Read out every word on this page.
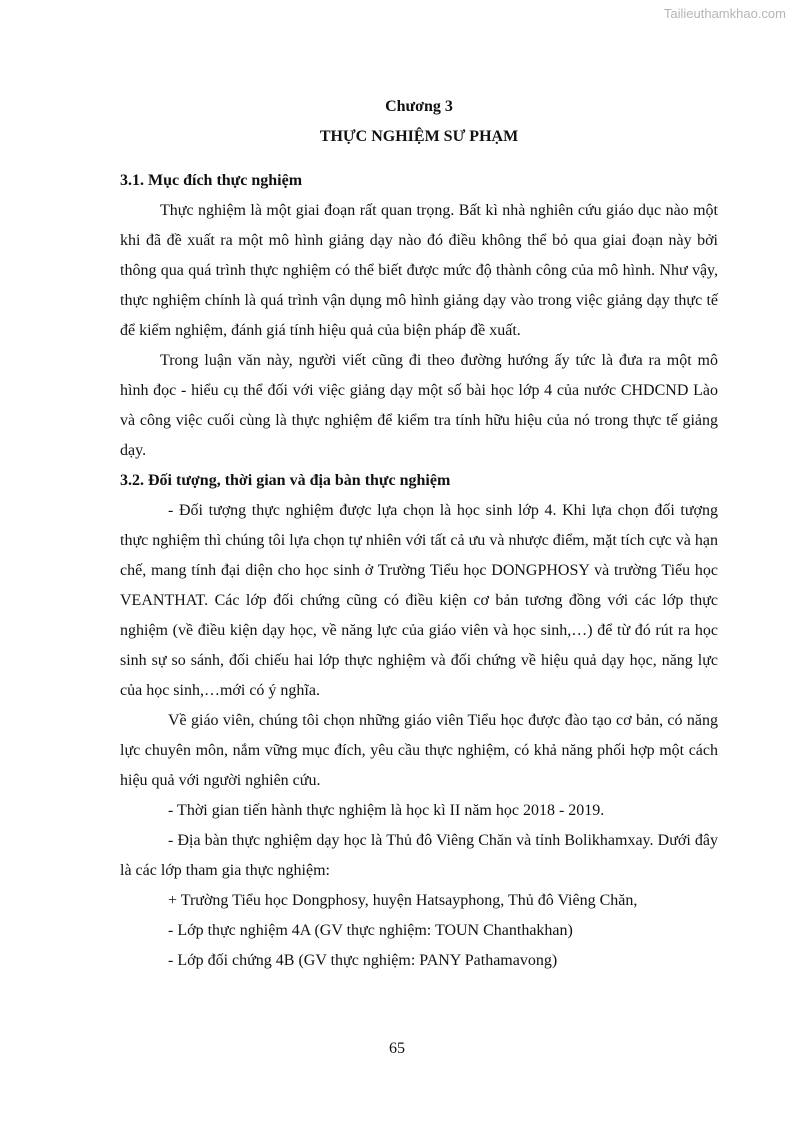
Tailieuthamkhao.com
Chương 3
THỰC NGHIỆM SƯ PHẠM
3.1. Mục đích thực nghiệm

Thực nghiệm là một giai đoạn rất quan trọng. Bất kì nhà nghiên cứu giáo dục nào một khi đã đề xuất ra một mô hình giảng dạy nào đó điều không thể bỏ qua giai đoạn này bởi thông qua quá trình thực nghiệm có thể biết được mức độ thành công của mô hình. Như vậy, thực nghiệm chính là quá trình vận dụng mô hình giảng dạy vào trong việc giảng dạy thực tế để kiểm nghiệm, đánh giá tính hiệu quả của biện pháp đề xuất.

Trong luận văn này, người viết cũng đi theo đường hướng ấy tức là đưa ra một mô hình đọc - hiểu cụ thể đối với việc giảng dạy một số bài học lớp 4 của nước CHDCND Lào và công việc cuối cùng là thực nghiệm để kiểm tra tính hữu hiệu của nó trong thực tế giảng dạy.

3.2. Đối tượng, thời gian và địa bàn thực nghiệm

- Đối tượng thực nghiệm được lựa chọn là học sinh lớp 4. Khi lựa chọn đối tượng thực nghiệm thì chúng tôi lựa chọn tự nhiên với tất cả ưu và nhược điểm, mặt tích cực và hạn chế, mang tính đại diện cho học sinh ở Trường Tiểu học DONGPHOSY và trường Tiểu học VEANTHAT. Các lớp đối chứng cũng có điều kiện cơ bản tương đồng với các lớp thực nghiệm (về điều kiện dạy học, về năng lực của giáo viên và học sinh,…) để từ đó rút ra học sinh sự so sánh, đối chiếu hai lớp thực nghiệm và đối chứng về hiệu quả dạy học, năng lực của học sinh,…mới có ý nghĩa.

Về giáo viên, chúng tôi chọn những giáo viên Tiểu học được đào tạo cơ bản, có năng lực chuyên môn, nắm vững mục đích, yêu cầu thực nghiệm, có khả năng phối hợp một cách hiệu quả với người nghiên cứu.

- Thời gian tiến hành thực nghiệm là học kì II năm học 2018 - 2019.

- Địa bàn thực nghiệm dạy học là Thủ đô Viêng Chăn và tỉnh Bolikhamxay. Dưới đây là các lớp tham gia thực nghiệm:

+ Trường Tiểu học Dongphosy, huyện Hatsayphong, Thủ đô Viêng Chăn,

- Lớp thực nghiệm 4A (GV thực nghiệm: TOUN Chanthakhan)

- Lớp đối chứng 4B (GV thực nghiệm: PANY Pathamavong)

65
